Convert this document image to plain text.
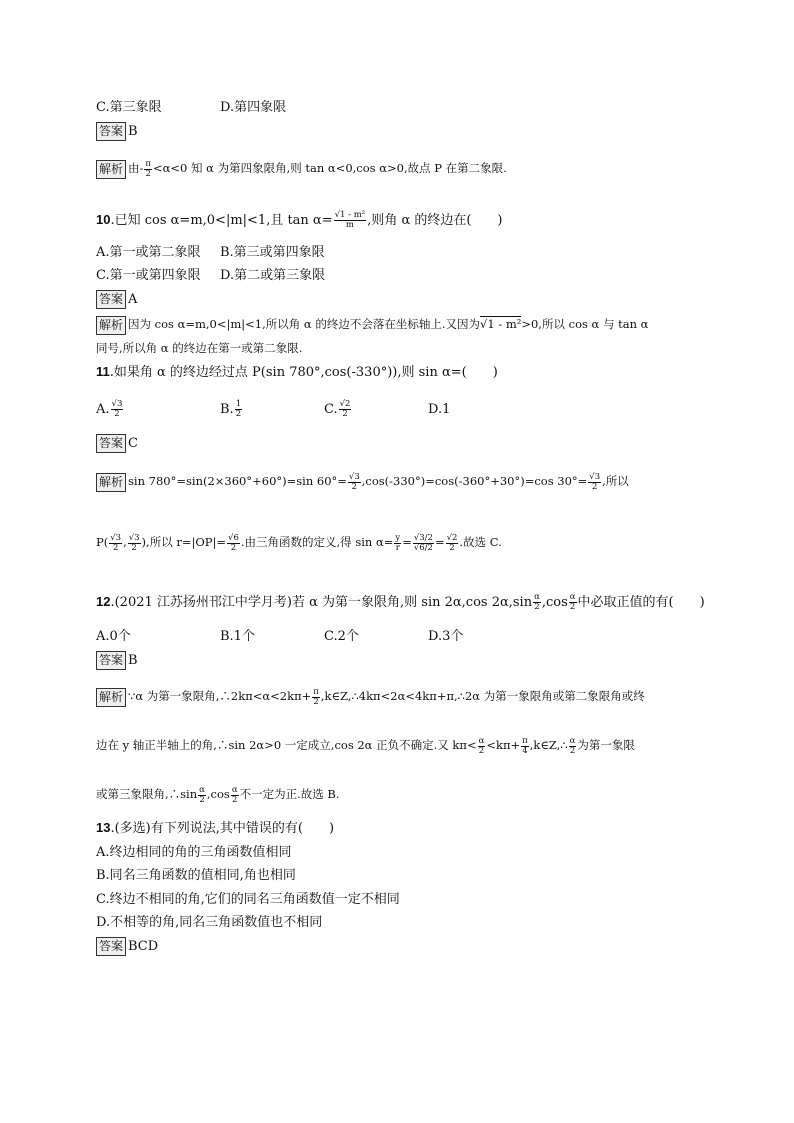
C.第三象限	D.第四象限
答案 B
解析 由- $\frac{\pi}{2} <\alpha<0$ 知 α 为第四象限角,则 tan α<0,cos α>0,故点 P 在第二象限.
10.已知 cos α=m,0<|m|<1,且 $\tan \alpha= \frac{\text{√1 - m²}}{m}$ ,则角 α 的终边在(　　)
A.第一或第二象限 B.第三或第四象限
C.第一或第四象限 D.第二或第三象限
答案 A
解析 因为 cos α=m,0<|m|<1,所以角 α 的终边不会落在坐标轴上.又因为√1 - m²>0,所以 cos α 与 tan α
同号,所以角 α 的终边在第一或第二象限.
11.如果角 α 的终边经过点 P(sin 780°,cos(-330°)),则 sin α=(　　)
A. $\frac{√3}{2}$	B. $\frac{1}{2}$	C. $\frac{√2}{2}$	D.1
答案 C
解析 sin 780°=sin(2×360°+60°)=sin $60^\circ= \frac{√3}{2} ,\cos(-330^\circ)=\cos(-360^\circ+30^\circ)=\cos$ $30^\circ= \frac{√3}{2}$ ,所以
$P( \frac{√3}{2}$ , $\frac{√3}{2}$ ),所以 $r=|OP|= \frac{√6}{2}$ .由三角函数的定义,得 $\sin \alpha= \frac{y}{r} = \frac{√3/2}{√6/2} = \frac{√2}{2}$ .故选 C.
12.(2021 江苏扬州邗江中学月考)若 α 为第一象限角,则 sin 2α,cos $2\alpha,\sin \frac{\alpha}{2} ,\cos \frac{\alpha}{2}$ 中必取正值的有(　　)
A.0个	B.1个	C.2个	D.3个
答案 B
解析 ∵α 为第一象限角,∴2kπ<α<2kπ+ $\frac{\pi}{2}$ ,k∈Z,∴4kπ<2α<4kπ+π,∴2α 为第一象限角或第二象限角或终
边在 y 轴正半轴上的角,∴sin 2α>0 一定成立,cos 2α 正负不确定.又 $k\pi< \frac{\alpha}{2} <k\pi+ \frac{\pi}{4}$ ,k∈Z,∴ $\frac{\alpha}{2}$ 为第一象限
或第三象限角,∴sin $\frac{\alpha}{2} ,\cos \frac{\alpha}{2}$ 不一定为正.故选 B.
13.(多选)有下列说法,其中错误的有(　　)
A.终边相同的角的三角函数值相同
B.同名三角函数的值相同,角也相同
C.终边不相同的角,它们的同名三角函数值一定不相同
D.不相等的角,同名三角函数值也不相同
答案 BCD
